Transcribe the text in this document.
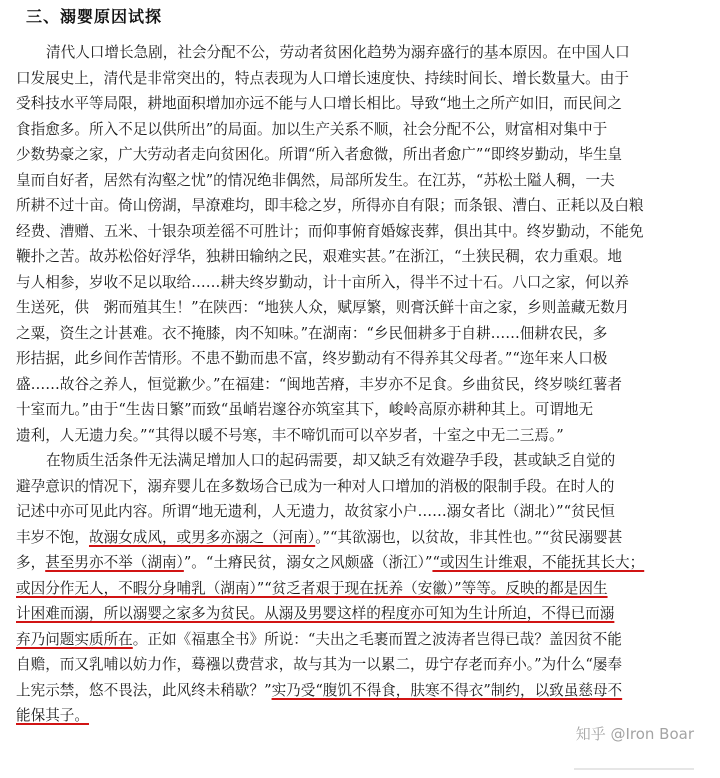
三、溺婴原因试探
清代人口增长急剧，社会分配不公，劳动者贫困化趋势为溺弃盛行的基本原因。在中国人口
口发展史上，清代是非常突出的，特点表现为人口增长速度快、持续时间长、增长数量大。由于
受科技水平等局限，耕地面积增加亦远不能与人口增长相比。导致“地土之所产如旧，而民间之
食指愈多。所入不足以供所出”的局面。加以生产关系不顺，社会分配不公，财富相对集中于
少数势豪之家，广大劳动者走向贫困化。所谓“所入者愈微，所出者愈广”“即终岁勤动，毕生皇
皇而自好者，居然有沟壑之忧”的情况绝非偶然，局部所发生。在江苏，“苏松土隘人稠，一夫
所耕不过十亩。倚山傍湖，旱潦难均，即丰稔之岁，所得亦自有限；而条银、漕白、正耗以及白粮
经费、漕赠、五米、十银杂项差徭不可胜计；而仰事俯育婚嫁丧葬，俱出其中。终岁勤动，不能免
鞭扑之苦。故苏松俗好浮华，独耕田输纳之民，艰难实甚。”在浙江，“土狭民稠，农力重艰。地
与人相参，岁收不足以取给……耕夫终岁勤动，计十亩所入，得半不过十石。八口之家，何以养
生送死，供　粥而殖其生！”在陕西：“地狭人众，赋厚繁，则膏沃鲜十亩之家，乡则盖藏无数月
之粟，资生之计甚难。衣不掩膝，肉不知味。”在湖南：“乡民佃耕多于自耕……佃耕农民，多
形拮据，此乡间作苦情形。不患不勤而患不富，终岁勤动有不得养其父母者。”“迩年来人口极
盛……故谷之养人，恒觉歉少。”在福建：“闽地苦瘠，丰岁亦不足食。乡曲贫民，终岁啖红薯者
十室而九。”由于“生齿日繁”而致“虽峭岩邃谷亦筑室其下，峻岭高原亦耕种其上。可谓地无
遗利，人无遗力矣。”“其得以暖不号寒，丰不啼饥而可以卒岁者，十室之中无二三焉。”
在物质生活条件无法满足增加人口的起码需要，却又缺乏有效避孕手段，甚或缺乏自觉的
避孕意识的情况下，溺弃婴儿在多数场合已成为一种对人口增加的消极的限制手段。在时人的
记述中亦可见此内容。所谓“地无遗利，人无遗力，故贫家小户……溺女者比（湖北）”“贫民恒
丰岁不饱，故溺女成风，或男多亦溺之（河南）。”“其欲溺也，以贫故，非其性也。”“贫民溺婴甚
多，甚至男亦不举（湖南）”。“土瘠民贫，溺女之风颇盛（浙江）”“或因生计维艰，不能抚其长大；
或因分作无人，不暇分身哺乳（湖南）”“贫乏者艰于现在抚养（安徽）”等等。反映的都是因生
计困难而溺，所以溺婴之家多为贫民。从溺及男婴这样的程度亦可知为生计所迫，不得已而溺
弃乃问题实质所在。正如《福惠全书》所说：“夫出之毛裹而置之波涛者岂得已哉？盖因贫不能
自赡，而又乳哺以妨力作，蓦襁以费营求，故与其为一以累二，毋宁存老而弃小。”为什么“屡奉
上宪示禁，悠不畏法，此风终未稍歇？”实乃受“腹饥不得食，肤寒不得衣”制约，以致虽慈母不
能保其子。
知乎 @Iron Boar
